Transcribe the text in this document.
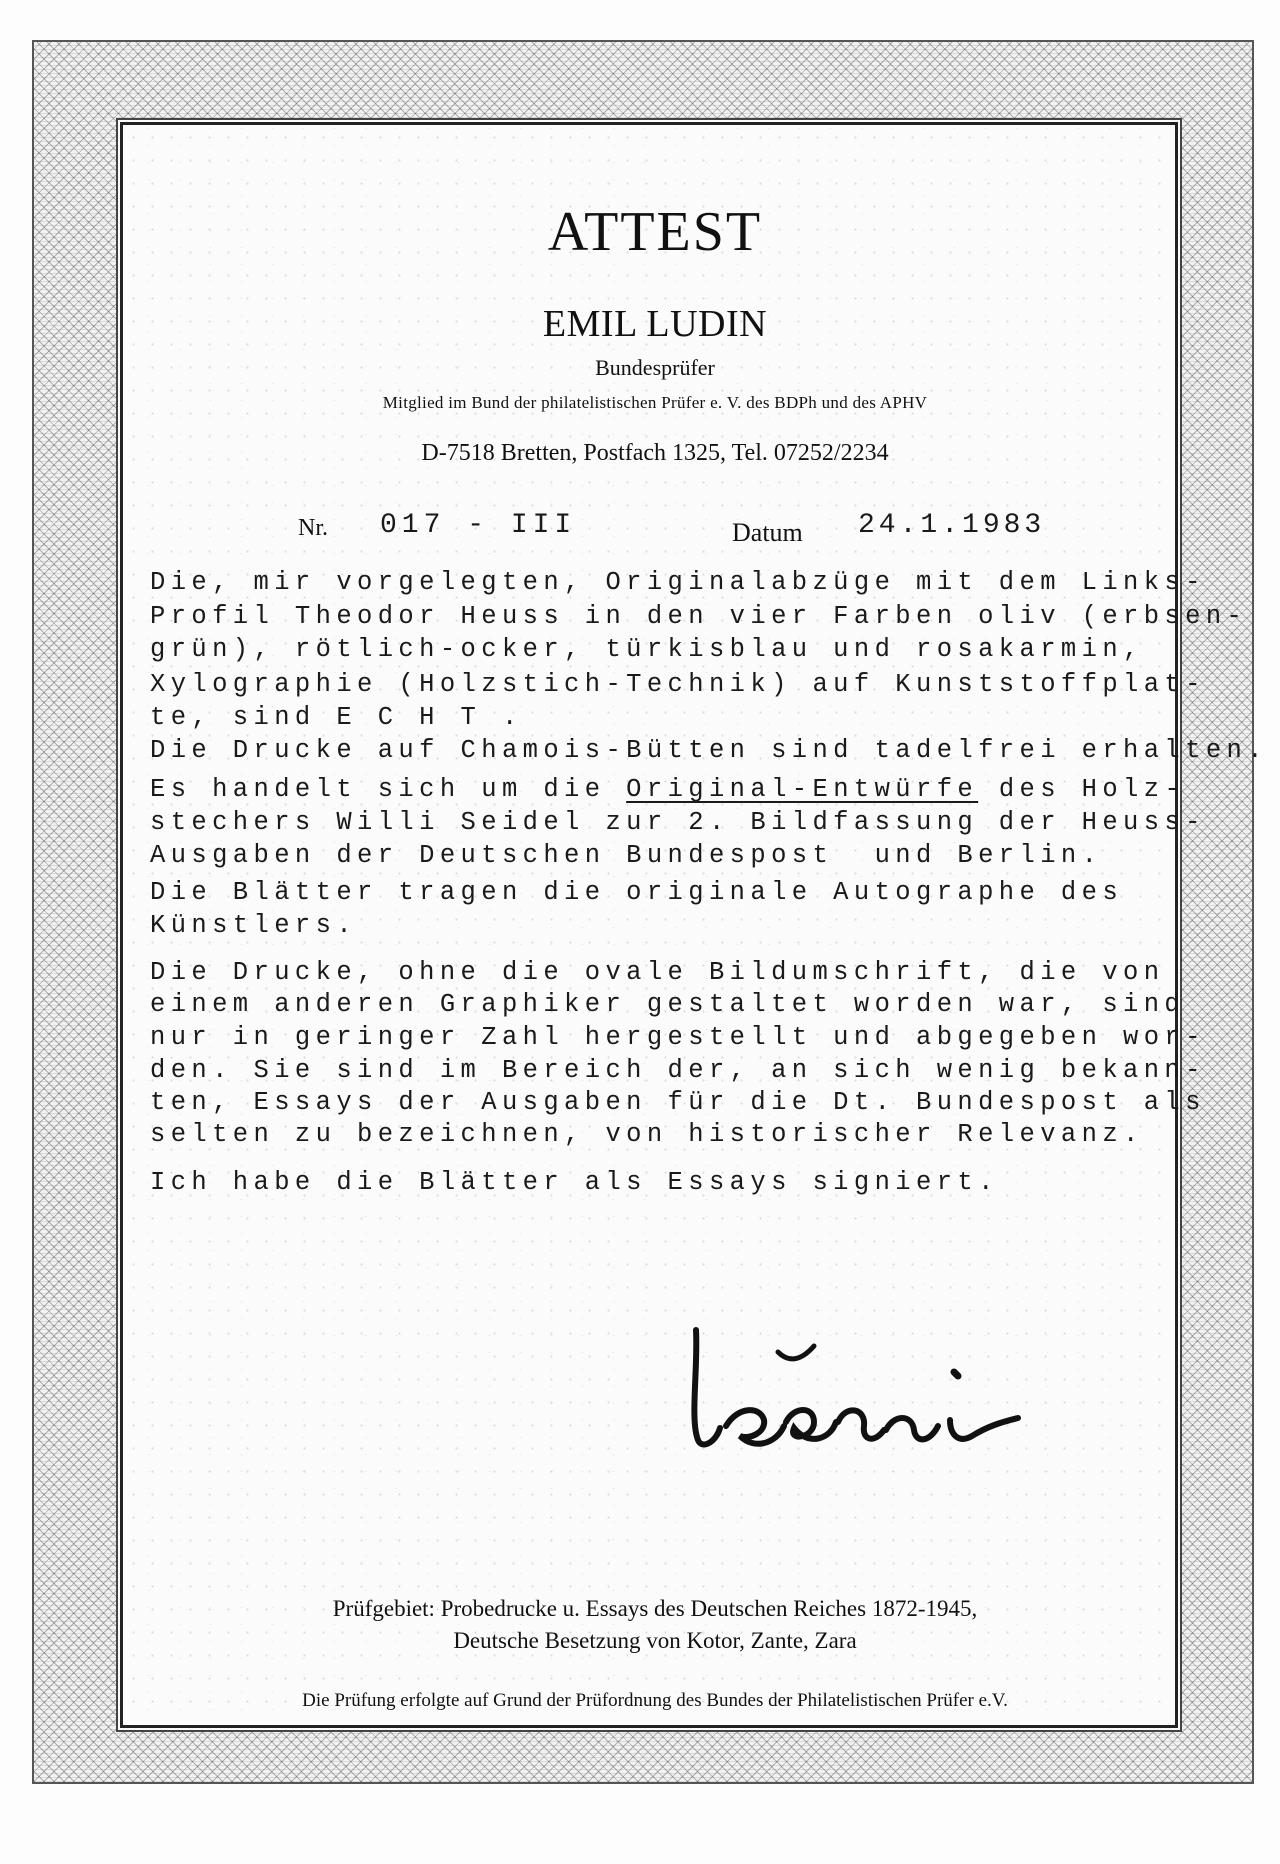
ATTEST
EMIL LUDIN
Bundesprüfer
Mitglied im Bund der philatelistischen Prüfer e. V. des BDPh und des APHV
D-7518 Bretten, Postfach 1325, Tel. 07252/2234
Nr. 017 - III	Datum 24.1.1983

Die, mir vorgelegten, Originalabzüge mit dem Links-

Profil Theodor Heuss in den vier Farben oliv (erbsen-

grün), rötlich-ocker, türkisblau und rosakarmin,

Xylographie (Holzstich-Technik) auf Kunststoffplat-

te, sind E C H T .

Die Drucke auf Chamois-Bütten sind tadelfrei erhalten.

Es handelt sich um die Original-Entwürfe des Holz-

stechers Willi Seidel zur 2. Bildfassung der Heuss-

Ausgaben der Deutschen Bundespost  und Berlin.

Die Blätter tragen die originale Autographe des

Künstlers.

Die Drucke, ohne die ovale Bildumschrift, die von

einem anderen Graphiker gestaltet worden war, sind

nur in geringer Zahl hergestellt und abgegeben wor-

den. Sie sind im Bereich der, an sich wenig bekann-

ten, Essays der Ausgaben für die Dt. Bundespost als

selten zu bezeichnen, von historischer Relevanz.

Ich habe die Blätter als Essays signiert.

Prüfgebiet: Probedrucke u. Essays des Deutschen Reiches 1872-1945,
Deutsche Besetzung von Kotor, Zante, Zara
Die Prüfung erfolgte auf Grund der Prüfordnung des Bundes der Philatelistischen Prüfer e.V.
